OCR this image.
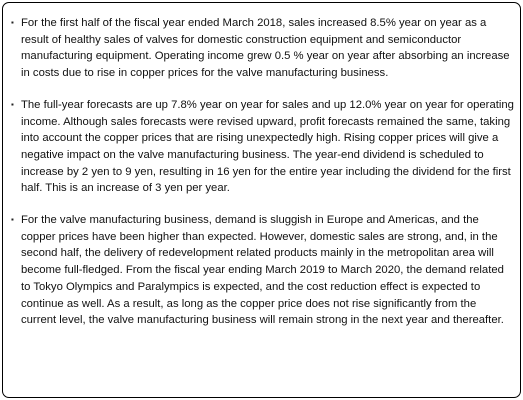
▪ For the first half of the fiscal year ended March 2018, sales increased 8.5% year on year as a result of healthy sales of valves for domestic construction equipment and semiconductor manufacturing equipment. Operating income grew 0.5 % year on year after absorbing an increase in costs due to rise in copper prices for the valve manufacturing business.
▪ The full-year forecasts are up 7.8% year on year for sales and up 12.0% year on year for operating income. Although sales forecasts were revised upward, profit forecasts remained the same, taking into account the copper prices that are rising unexpectedly high. Rising copper prices will give a negative impact on the valve manufacturing business. The year-end dividend is scheduled to increase by 2 yen to 9 yen, resulting in 16 yen for the entire year including the dividend for the first half. This is an increase of 3 yen per year.
▪ For the valve manufacturing business, demand is sluggish in Europe and Americas, and the copper prices have been higher than expected. However, domestic sales are strong, and, in the second half, the delivery of redevelopment related products mainly in the metropolitan area will become full-fledged. From the fiscal year ending March 2019 to March 2020, the demand related to Tokyo Olympics and Paralympics is expected, and the cost reduction effect is expected to continue as well. As a result, as long as the copper price does not rise significantly from the current level, the valve manufacturing business will remain strong in the next year and thereafter.
